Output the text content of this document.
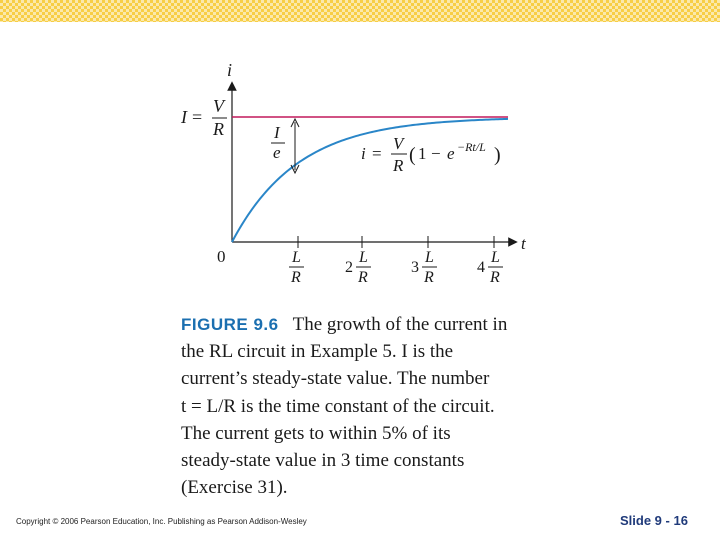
i
t
0
I =
V
R	I
e	i =
V
R ( 1 − e −Rt/L )
L
R
2
L
R
3
L
R
4
L
R
FIGURE 9.6 The growth of the current in
the RL circuit in Example 5. I is the
current’s steady-state value. The number
t = L/R is the time constant of the circuit.
The current gets to within 5% of its
steady-state value in 3 time constants
(Exercise 31).
Copyright © 2006 Pearson Education, Inc. Publishing as Pearson Addison-Wesley	Slide 9 - 16
